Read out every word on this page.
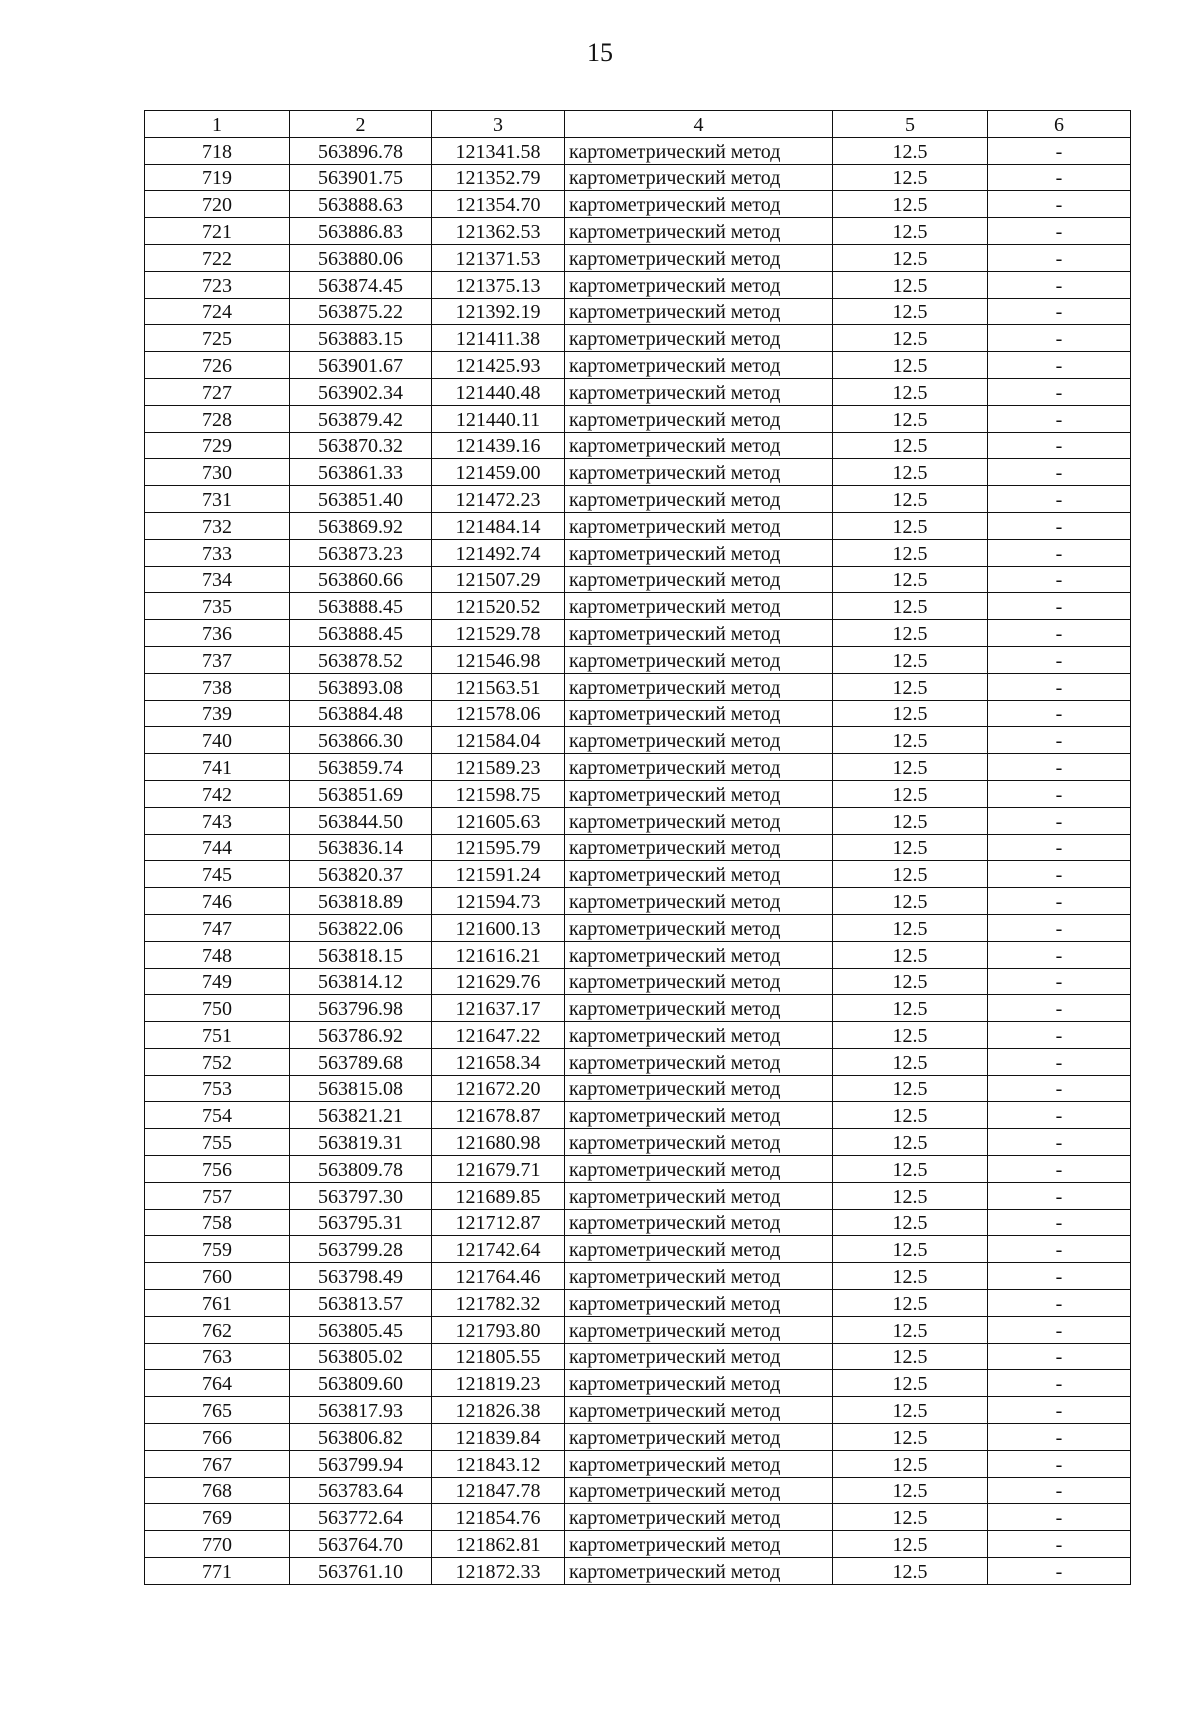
15
1	2	3	4	5	6
718	563896.78	121341.58	картометрический метод	12.5	-
719	563901.75	121352.79	картометрический метод	12.5	-
720	563888.63	121354.70	картометрический метод	12.5	-
721	563886.83	121362.53	картометрический метод	12.5	-
722	563880.06	121371.53	картометрический метод	12.5	-
723	563874.45	121375.13	картометрический метод	12.5	-
724	563875.22	121392.19	картометрический метод	12.5	-
725	563883.15	121411.38	картометрический метод	12.5	-
726	563901.67	121425.93	картометрический метод	12.5	-
727	563902.34	121440.48	картометрический метод	12.5	-
728	563879.42	121440.11	картометрический метод	12.5	-
729	563870.32	121439.16	картометрический метод	12.5	-
730	563861.33	121459.00	картометрический метод	12.5	-
731	563851.40	121472.23	картометрический метод	12.5	-
732	563869.92	121484.14	картометрический метод	12.5	-
733	563873.23	121492.74	картометрический метод	12.5	-
734	563860.66	121507.29	картометрический метод	12.5	-
735	563888.45	121520.52	картометрический метод	12.5	-
736	563888.45	121529.78	картометрический метод	12.5	-
737	563878.52	121546.98	картометрический метод	12.5	-
738	563893.08	121563.51	картометрический метод	12.5	-
739	563884.48	121578.06	картометрический метод	12.5	-
740	563866.30	121584.04	картометрический метод	12.5	-
741	563859.74	121589.23	картометрический метод	12.5	-
742	563851.69	121598.75	картометрический метод	12.5	-
743	563844.50	121605.63	картометрический метод	12.5	-
744	563836.14	121595.79	картометрический метод	12.5	-
745	563820.37	121591.24	картометрический метод	12.5	-
746	563818.89	121594.73	картометрический метод	12.5	-
747	563822.06	121600.13	картометрический метод	12.5	-
748	563818.15	121616.21	картометрический метод	12.5	-
749	563814.12	121629.76	картометрический метод	12.5	-
750	563796.98	121637.17	картометрический метод	12.5	-
751	563786.92	121647.22	картометрический метод	12.5	-
752	563789.68	121658.34	картометрический метод	12.5	-
753	563815.08	121672.20	картометрический метод	12.5	-
754	563821.21	121678.87	картометрический метод	12.5	-
755	563819.31	121680.98	картометрический метод	12.5	-
756	563809.78	121679.71	картометрический метод	12.5	-
757	563797.30	121689.85	картометрический метод	12.5	-
758	563795.31	121712.87	картометрический метод	12.5	-
759	563799.28	121742.64	картометрический метод	12.5	-
760	563798.49	121764.46	картометрический метод	12.5	-
761	563813.57	121782.32	картометрический метод	12.5	-
762	563805.45	121793.80	картометрический метод	12.5	-
763	563805.02	121805.55	картометрический метод	12.5	-
764	563809.60	121819.23	картометрический метод	12.5	-
765	563817.93	121826.38	картометрический метод	12.5	-
766	563806.82	121839.84	картометрический метод	12.5	-
767	563799.94	121843.12	картометрический метод	12.5	-
768	563783.64	121847.78	картометрический метод	12.5	-
769	563772.64	121854.76	картометрический метод	12.5	-
770	563764.70	121862.81	картометрический метод	12.5	-
771	563761.10	121872.33	картометрический метод	12.5	-
